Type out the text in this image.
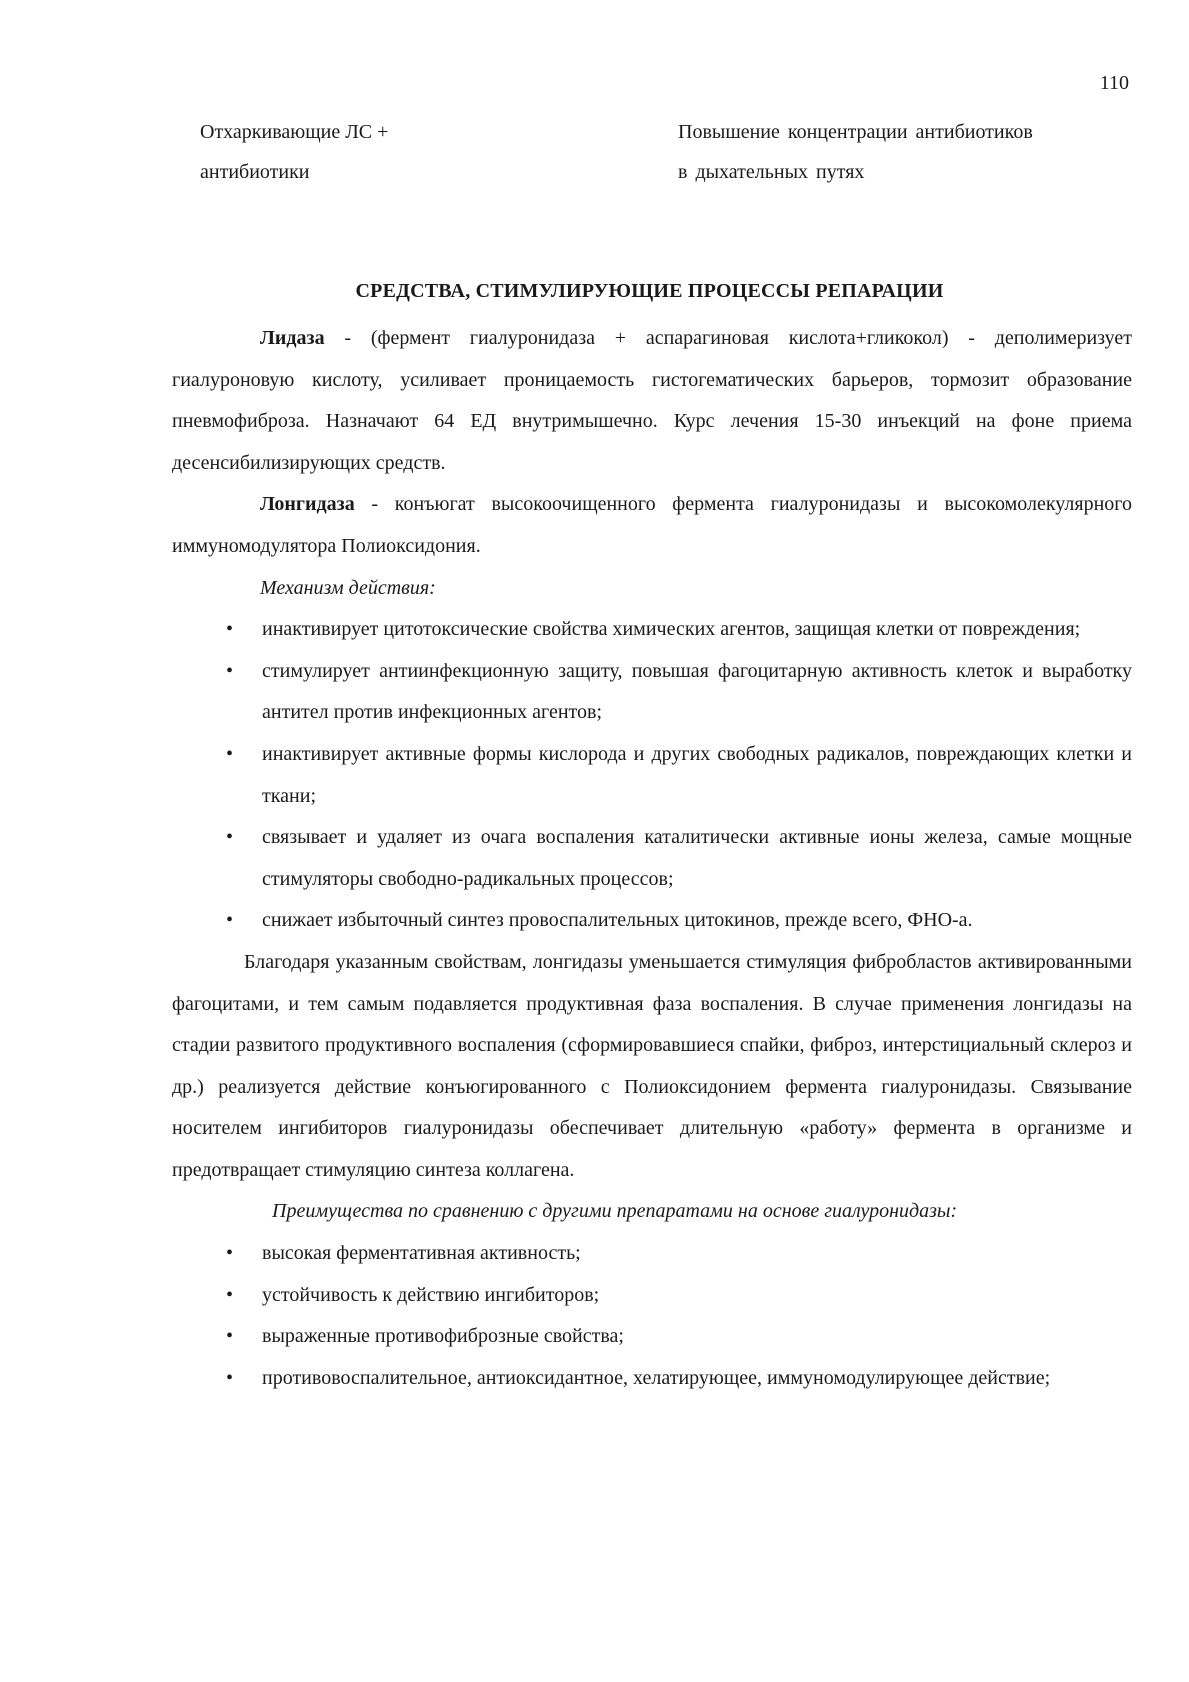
110
Отхаркивающие ЛС +
антибиотики
Повышение концентрации антибиотиков
в дыхательных путях
СРЕДСТВА, СТИМУЛИРУЮЩИЕ ПРОЦЕССЫ РЕПАРАЦИИ

Лидаза - (фермент гиалуронидаза + аспарагиновая кислота+гликокол) - деполимеризует гиалуроновую кислоту, усиливает проницаемость гистогематических барьеров, тормозит образование пневмофиброза. Назначают 64 ЕД внутримышечно. Курс лечения 15-30 инъекций на фоне приема десенсибилизирующих средств.

Лонгидаза - конъюгат высокоочищенного фермента гиалуронидазы и высокомолекулярного иммуномодулятора Полиоксидония.

Механизм действия:

• инактивирует цитотоксические свойства химических агентов, защищая клетки от повреждения;
• стимулирует антиинфекционную защиту, повышая фагоцитарную активность клеток и выработку антител против инфекционных агентов;
• инактивирует активные формы кислорода и других свободных радикалов, повреждающих клетки и ткани;
• связывает и удаляет из очага воспаления каталитически активные ионы железа, самые мощные стимуляторы свободно-радикальных процессов;
• снижает избыточный синтез провоспалительных цитокинов, прежде всего, ФНО-а.

Благодаря указанным свойствам, лонгидазы уменьшается стимуляция фибробластов активированными фагоцитами, и тем самым подавляется продуктивная фаза воспаления. В случае применения лонгидазы на стадии развитого продуктивного воспаления (сформировавшиеся спайки, фиброз, интерстициальный склероз и др.) реализуется действие конъюгированного с Полиоксидонием фермента гиалуронидазы. Связывание носителем ингибиторов гиалуронидазы обеспечивает длительную «работу» фермента в организме и предотвращает стимуляцию синтеза коллагена.

Преимущества по сравнению с другими препаратами на основе гиалуронидазы:

• высокая ферментативная активность;
• устойчивость к действию ингибиторов;
• выраженные противофиброзные свойства;
• противовоспалительное, антиоксидантное, хелатирующее, иммуномодулирующее действие;
